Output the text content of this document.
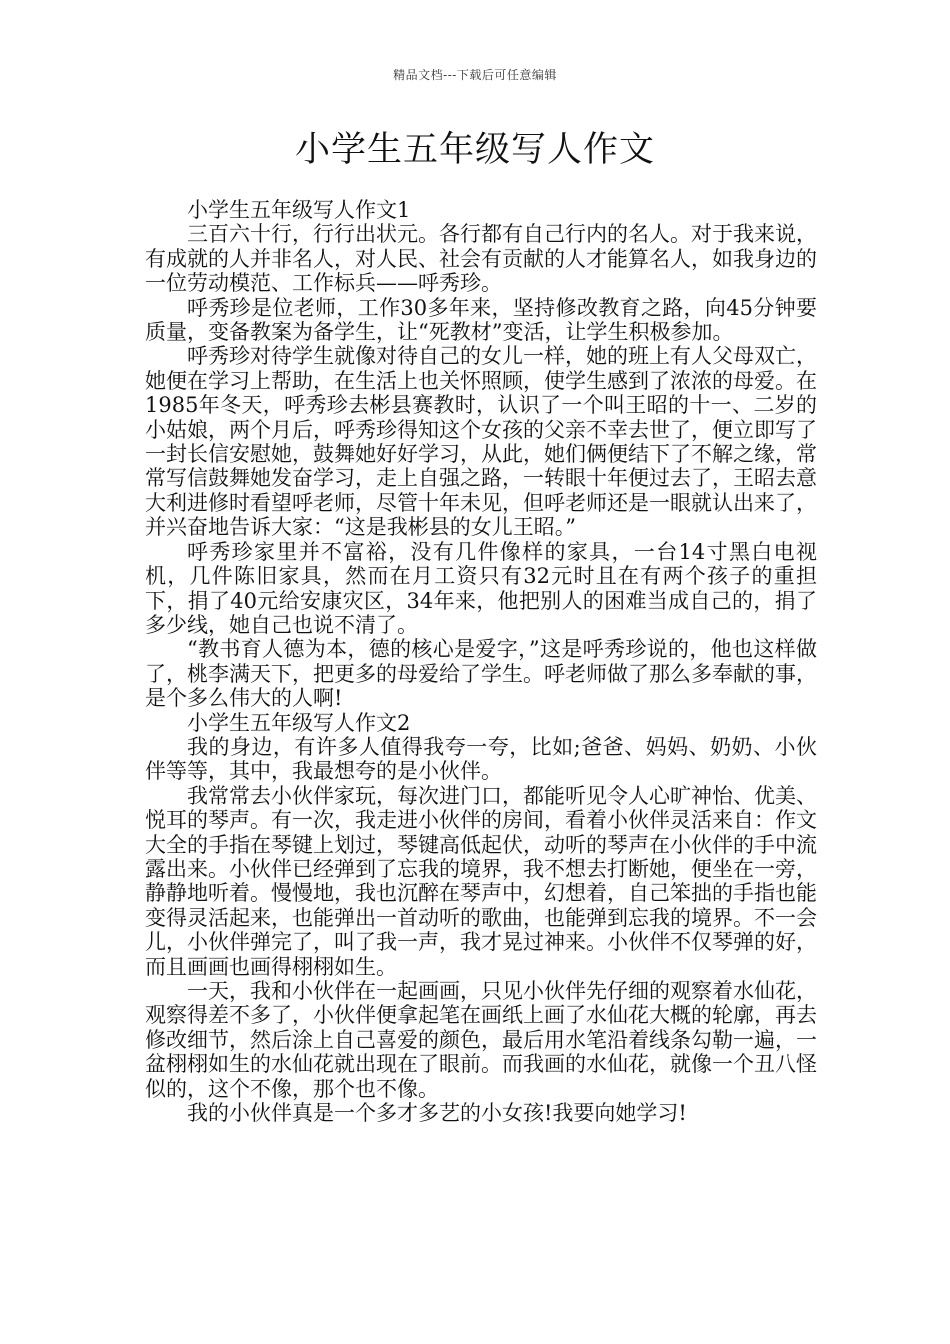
精品文档---下载后可任意编辑
小学生五年级写人作文

小学生五年级写人作文1

三百六十行，行行出状元。各行都有自己行内的名人。对于我来说，有成就的人并非名人，对人民、社会有贡献的人才能算名人，如我身边的一位劳动模范、工作标兵——呼秀珍。

呼秀珍是位老师，工作30多年来，坚持修改教育之路，向45分钟要质量，变备教案为备学生，让“死教材”变活，让学生积极参加。

呼秀珍对待学生就像对待自己的女儿一样，她的班上有人父母双亡，她便在学习上帮助，在生活上也关怀照顾，使学生感到了浓浓的母爱。在1985年冬天，呼秀珍去彬县赛教时，认识了一个叫王昭的十一、二岁的小姑娘，两个月后，呼秀珍得知这个女孩的父亲不幸去世了，便立即写了一封长信安慰她，鼓舞她好好学习，从此，她们俩便结下了不解之缘，常常写信鼓舞她发奋学习，走上自强之路，一转眼十年便过去了，王昭去意大利进修时看望呼老师，尽管十年未见，但呼老师还是一眼就认出来了，并兴奋地告诉大家：“这是我彬县的女儿王昭。”

呼秀珍家里并不富裕，没有几件像样的家具，一台14寸黑白电视机，几件陈旧家具，然而在月工资只有32元时且在有两个孩子的重担下，捐了40元给安康灾区，34年来，他把别人的困难当成自己的，捐了多少线，她自己也说不清了。

“教书育人德为本，德的核心是爱字，”这是呼秀珍说的，他也这样做了，桃李满天下，把更多的母爱给了学生。呼老师做了那么多奉献的事，是个多么伟大的人啊!

小学生五年级写人作文2

我的身边，有许多人值得我夸一夸，比如;爸爸、妈妈、奶奶、小伙伴等等，其中，我最想夸的是小伙伴。

我常常去小伙伴家玩，每次进门口，都能听见令人心旷神怡、优美、悦耳的琴声。有一次，我走进小伙伴的房间，看着小伙伴灵活来自：作文大全的手指在琴键上划过，琴键高低起伏，动听的琴声在小伙伴的手中流露出来。小伙伴已经弹到了忘我的境界，我不想去打断她，便坐在一旁，静静地听着。慢慢地，我也沉醉在琴声中，幻想着，自己笨拙的手指也能变得灵活起来，也能弹出一首动听的歌曲，也能弹到忘我的境界。不一会儿，小伙伴弹完了，叫了我一声，我才晃过神来。小伙伴不仅琴弹的好，而且画画也画得栩栩如生。

一天，我和小伙伴在一起画画，只见小伙伴先仔细的观察着水仙花，观察得差不多了，小伙伴便拿起笔在画纸上画了水仙花大概的轮廓，再去修改细节，然后涂上自己喜爱的颜色，最后用水笔沿着线条勾勒一遍，一盆栩栩如生的水仙花就出现在了眼前。而我画的水仙花，就像一个丑八怪似的，这个不像，那个也不像。

我的小伙伴真是一个多才多艺的小女孩!我要向她学习!
